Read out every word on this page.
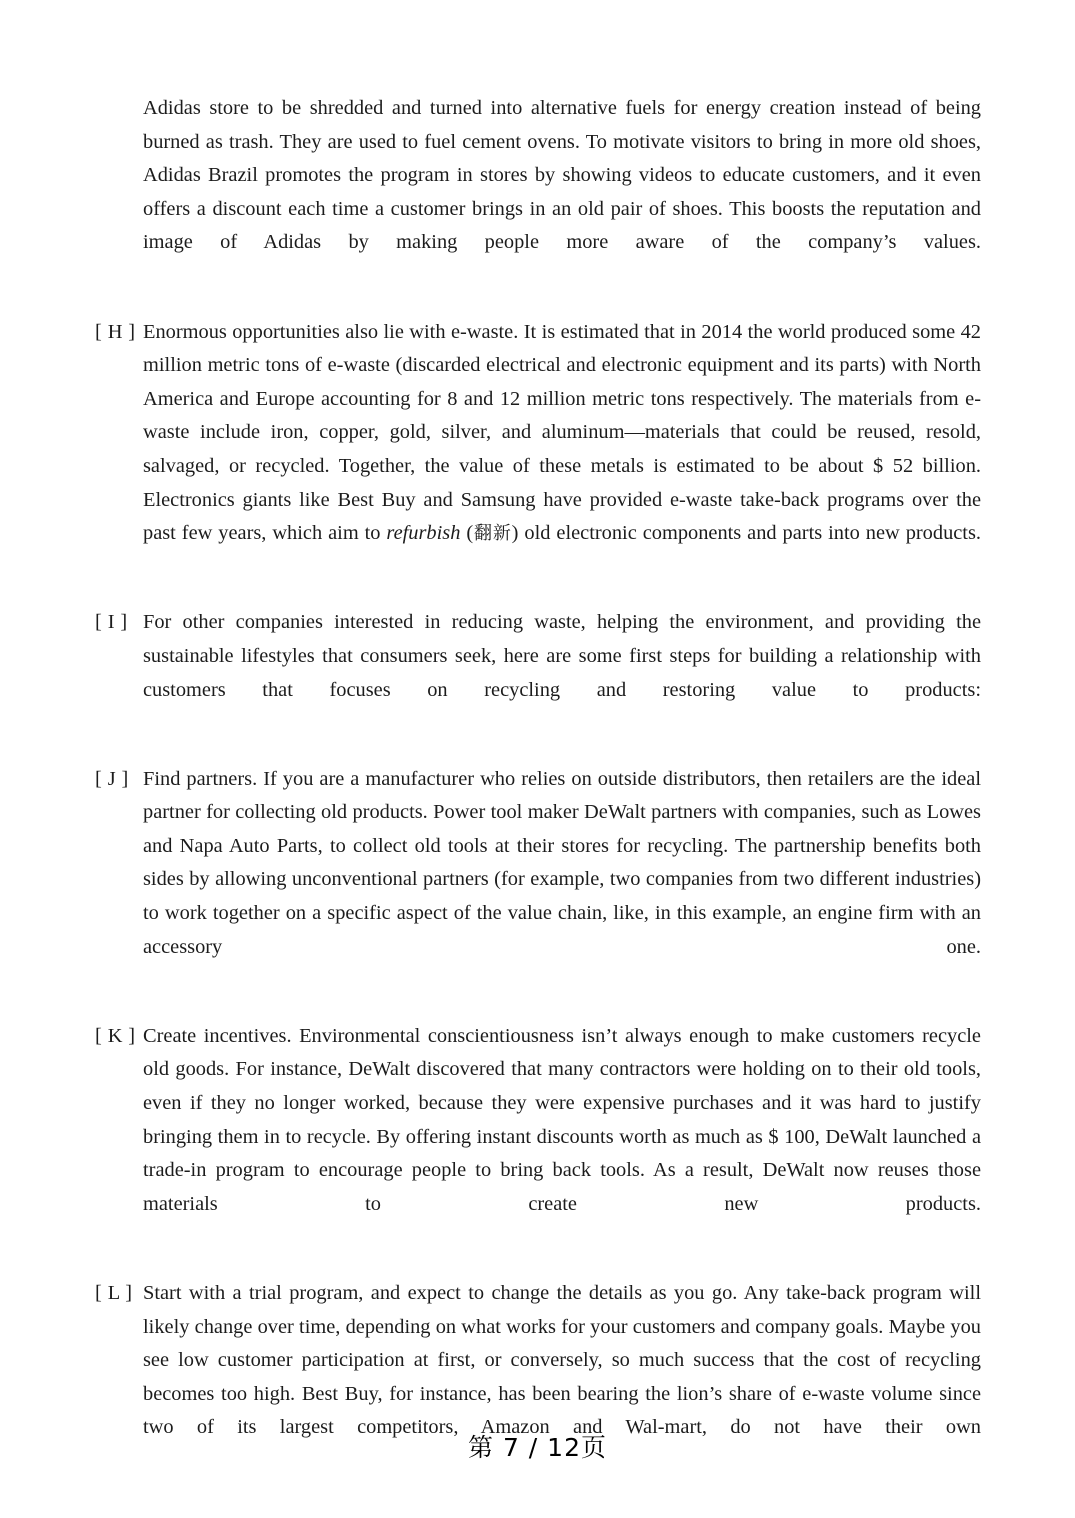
Adidas store to be shredded and turned into alternative fuels for energy creation instead of being burned as trash. They are used to fuel cement ovens. To motivate visitors to bring in more old shoes, Adidas Brazil promotes the program in stores by showing videos to educate customers, and it even offers a discount each time a customer brings in an old pair of shoes. This boosts the reputation and image of Adidas by making people more aware of the company’s values.

[ H ] Enormous opportunities also lie with e-waste. It is estimated that in 2014 the world produced some 42 million metric tons of e-waste (discarded electrical and electronic equipment and its parts) with North America and Europe accounting for 8 and 12 million metric tons respectively. The materials from e-waste include iron, copper, gold, silver, and aluminum—materials that could be reused, resold, salvaged, or recycled. Together, the value of these metals is estimated to be about $ 52 billion. Electronics giants like Best Buy and Samsung have provided e-waste take-back programs over the past few years, which aim to refurbish (翻新) old electronic components and parts into new products.

[ I ] For other companies interested in reducing waste, helping the environment, and providing the sustainable lifestyles that consumers seek, here are some first steps for building a relationship with customers that focuses on recycling and restoring value to products:

[ J ] Find partners. If you are a manufacturer who relies on outside distributors, then retailers are the ideal partner for collecting old products. Power tool maker DeWalt partners with companies, such as Lowes and Napa Auto Parts, to collect old tools at their stores for recycling. The partnership benefits both sides by allowing unconventional partners (for example, two companies from two different industries) to work together on a specific aspect of the value chain, like, in this example, an engine firm with an accessory one.

[ K ] Create incentives. Environmental conscientiousness isn’t always enough to make customers recycle old goods. For instance, DeWalt discovered that many contractors were holding on to their old tools, even if they no longer worked, because they were expensive purchases and it was hard to justify bringing them in to recycle. By offering instant discounts worth as much as $ 100, DeWalt launched a trade-in program to encourage people to bring back tools. As a result, DeWalt now reuses those materials to create new products.

[ L ] Start with a trial program, and expect to change the details as you go. Any take-back program will likely change over time, depending on what works for your customers and company goals. Maybe you see low customer participation at first, or conversely, so much success that the cost of recycling becomes too high. Best Buy, for instance, has been bearing the lion’s share of e-waste volume since two of its largest competitors, Amazon and Wal-mart, do not have their own

第 7 / 12页
